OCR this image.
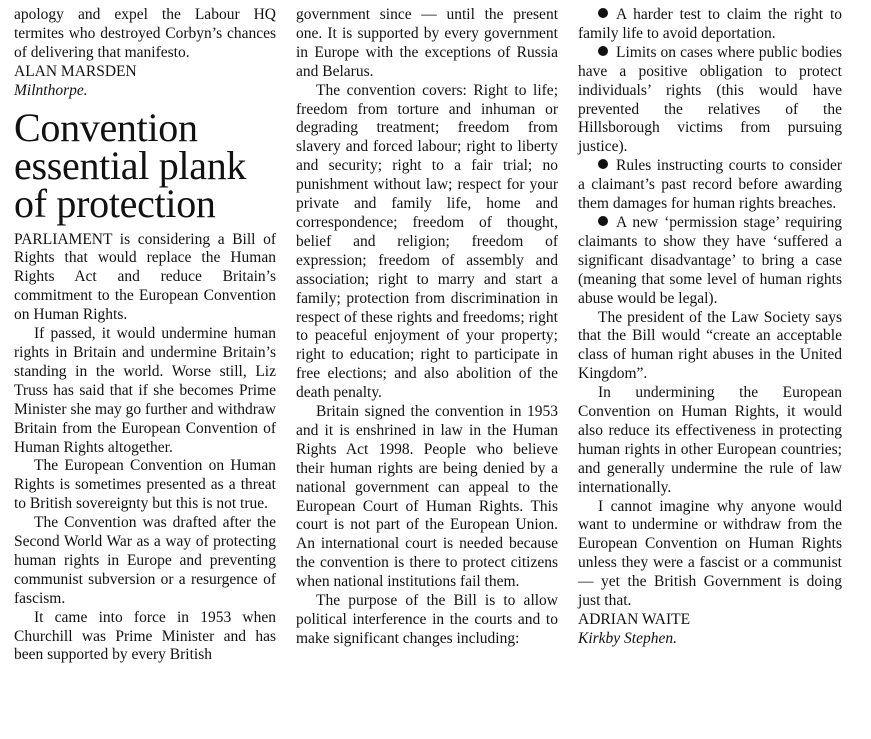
apology and expel the Labour HQ termites who destroyed Corbyn’s chances of delivering that manifesto.

ALAN MARSDEN

Milnthorpe.

Convention essential plank of protection

PARLIAMENT is considering a Bill of Rights that would replace the Human Rights Act and reduce Britain’s commitment to the European Convention on Human Rights.

If passed, it would undermine human rights in Britain and undermine Britain’s standing in the world. Worse still, Liz Truss has said that if she becomes Prime Minister she may go further and withdraw Britain from the European Convention of Human Rights altogether.

The European Convention on Human Rights is sometimes presented as a threat to British sovereignty but this is not true.

The Convention was drafted after the Second World War as a way of protecting human rights in Europe and preventing communist subversion or a resurgence of fascism.

It came into force in 1953 when Churchill was Prime Minister and has been supported by every British

government since — until the present one. It is supported by every government in Europe with the exceptions of Russia and Belarus.

The convention covers: Right to life; freedom from torture and inhuman or degrading treatment; freedom from slavery and forced labour; right to liberty and security; right to a fair trial; no punishment without law; respect for your private and family life, home and correspondence; freedom of thought, belief and religion; freedom of expression; freedom of assembly and association; right to marry and start a family; protection from discrimination in respect of these rights and freedoms; right to peaceful enjoyment of your property; right to education; right to participate in free elections; and also abolition of the death penalty.

Britain signed the convention in 1953 and it is enshrined in law in the Human Rights Act 1998. People who believe their human rights are being denied by a national government can appeal to the European Court of Human Rights. This court is not part of the European Union. An international court is needed because the convention is there to protect citizens when national institutions fail them.

The purpose of the Bill is to allow political interference in the courts and to make significant changes including:

A harder test to claim the right to family life to avoid deportation.

Limits on cases where public bodies have a positive obligation to protect individuals’ rights (this would have prevented the relatives of the Hillsborough victims from pursuing justice).

Rules instructing courts to consider a claimant’s past record before awarding them damages for human rights breaches.

A new ‘permission stage’ requiring claimants to show they have ‘suffered a significant disadvantage’ to bring a case (meaning that some level of human rights abuse would be legal).

The president of the Law Society says that the Bill would “create an acceptable class of human right abuses in the United Kingdom”.

In undermining the European Convention on Human Rights, it would also reduce its effectiveness in protecting human rights in other European countries; and generally undermine the rule of law internationally.

I cannot imagine why anyone would want to undermine or withdraw from the European Convention on Human Rights unless they were a fascist or a communist — yet the British Government is doing just that.

ADRIAN WAITE

Kirkby Stephen.
